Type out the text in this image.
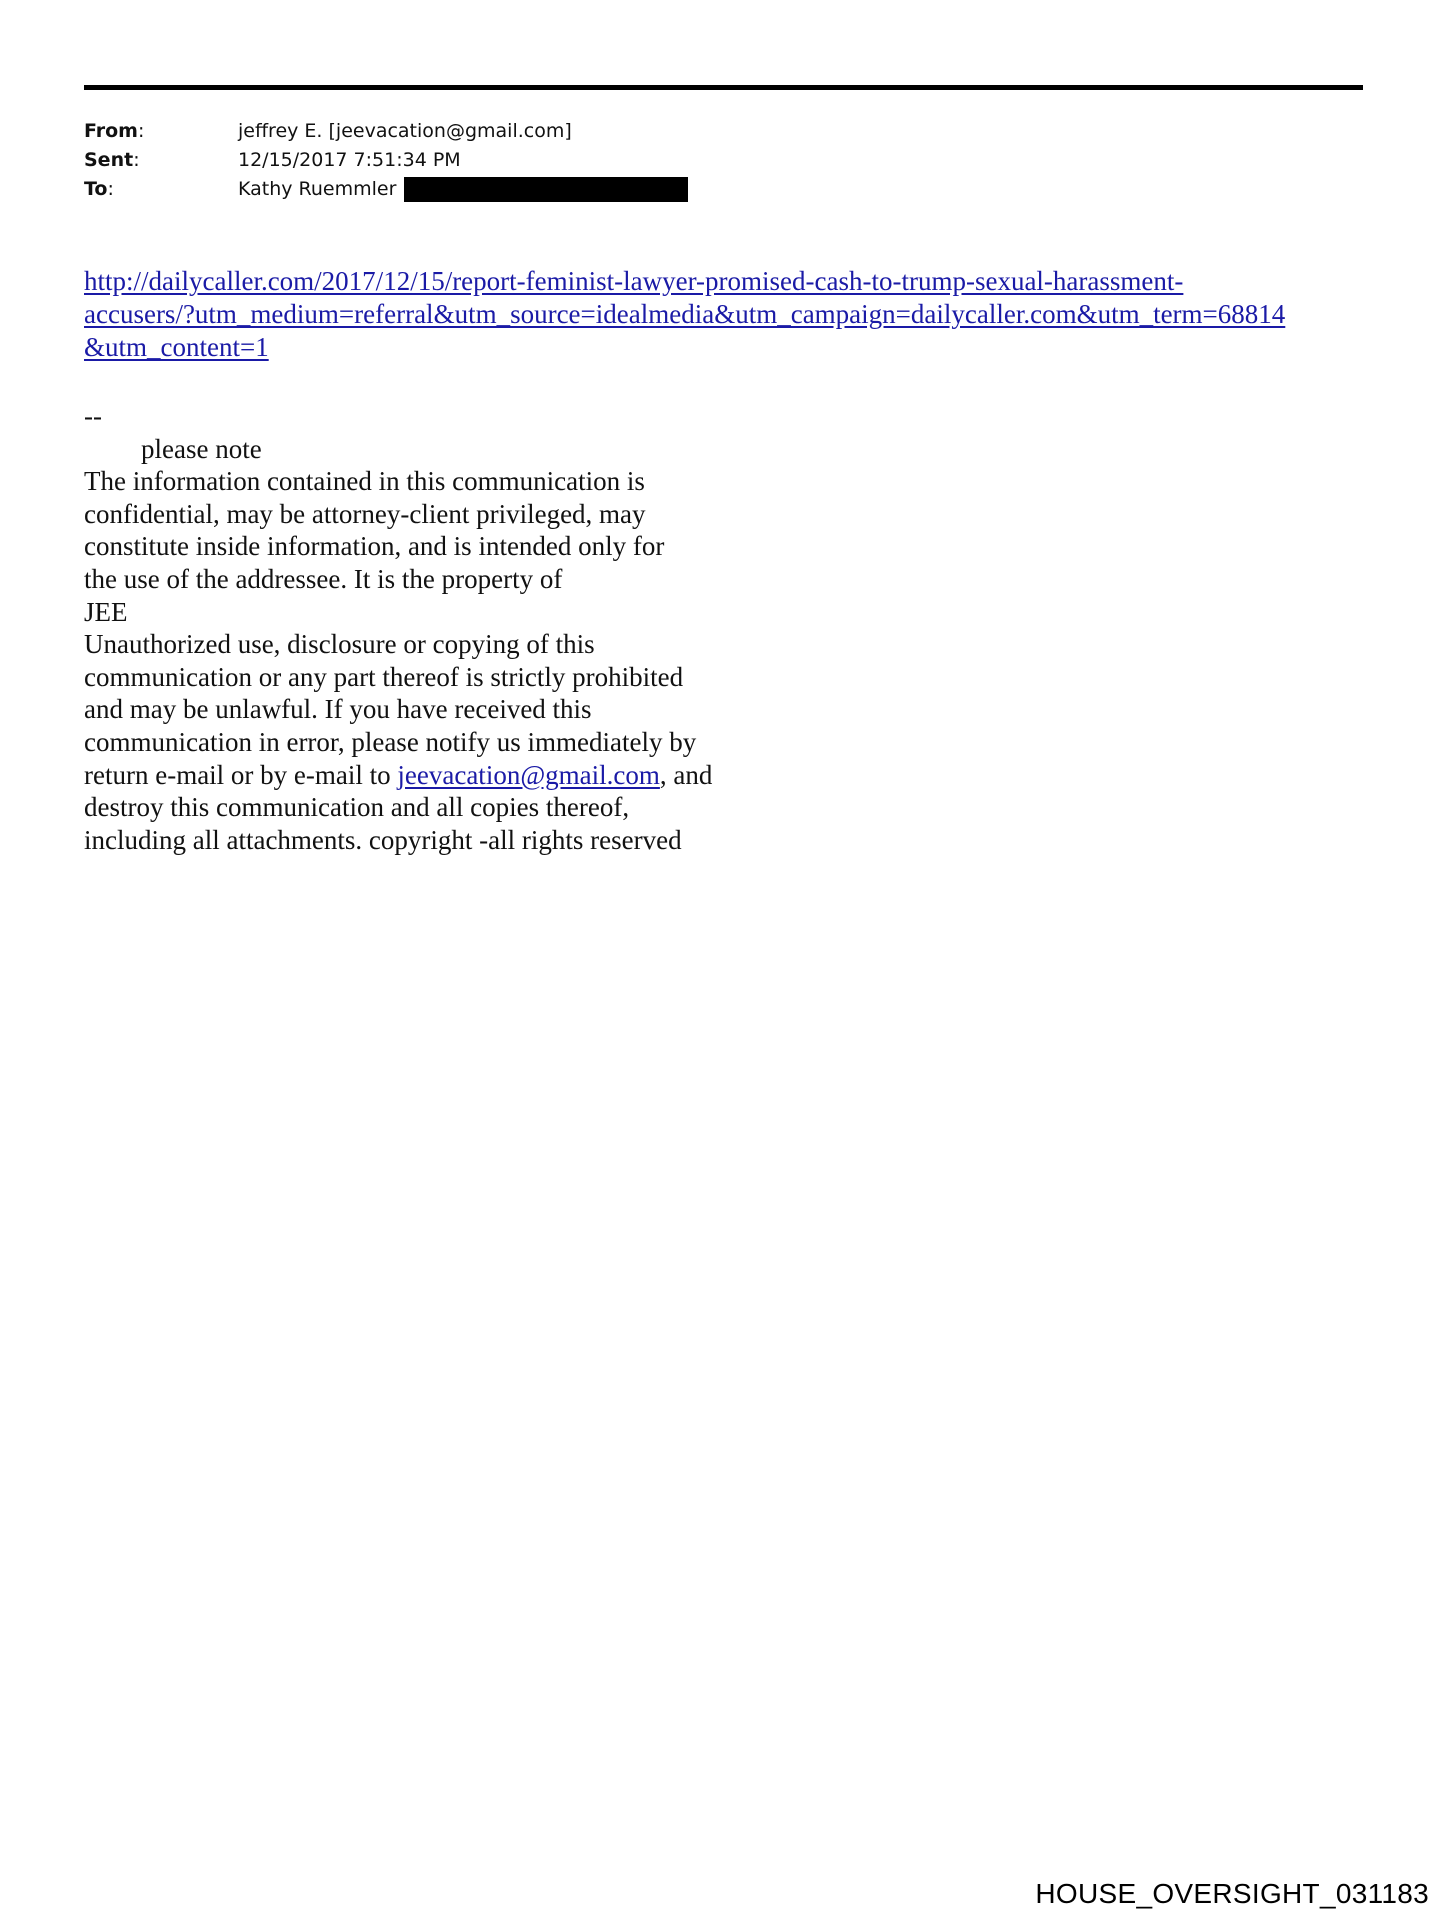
From:	jeffrey E. [jeevacation@gmail.com]
Sent:	12/15/2017 7:51:34 PM
To:	Kathy Ruemmler
http://dailycaller.com/2017/12/15/report-feminist-lawyer-promised-cash-to-trump-sexual-harassment-
accusers/?utm_medium=referral&utm_source=idealmedia&utm_campaign=dailycaller.com&utm_term=68814
&utm_content=1
--
please note
The information contained in this communication is
confidential, may be attorney-client privileged, may
constitute inside information, and is intended only for
the use of the addressee. It is the property of
JEE
Unauthorized use, disclosure or copying of this
communication or any part thereof is strictly prohibited
and may be unlawful. If you have received this
communication in error, please notify us immediately by
return e-mail or by e-mail to jeevacation@gmail.com, and
destroy this communication and all copies thereof,
including all attachments. copyright -all rights reserved
HOUSE_OVERSIGHT_031183
